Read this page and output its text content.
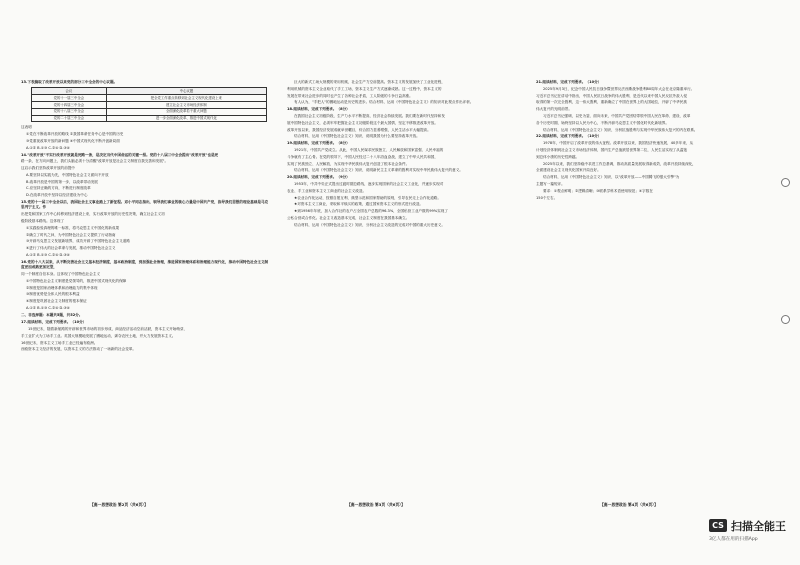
13.下表摘取了改革开放以来党的部分三中全会的中心议题。

会议	中心议题
党的十一届三中全会	把全党工作重点转移到社会主义现代化建设上来
党的十四届三中全会	建立社会主义市场经济体制
党的十八届三中全会	全面深化改革若干重大问题
党的二十届三中全会	进一步全面深化改革、推进中国式现代化

这表明

①党在不断改革开放的路线 ②我国革命任务中心是中国的历史

③党重视改革开放的新问题 ④中国式现代化不断开创新局面

A.①② B.①③ C.②④ D.③④

14."改革开放"不实行改革开放就是死路一条，是决定当代中国命运的关键一招。党的十八届三中全会提出"改革开放"也是死

路一条，在方向问题上，我们头脑必须十分清醒"改革开放是社会主义制度自我完善和发展"。

这启示我们坚持改革开放的前提中

A.要坚持以实践为先，中国特色社会主义面向不开放

B.改革开放是中国的第一步，以改革带动发展

C.应坚持正确的方向，不断进行制度改革

D.在改革开放中坚持以经济建设为中心

15.党的十一届三中全会以后，我国社会主义事业踏上了新征程。邓小平同志指出，领导我们事业的核心力量是中国共产党，指导我们思想的理论基础是马克思列宁主义。作

出把党和国家工作中心转移到经济建设上来，实行改革开放的历史性决策，确立社会主义初

级阶段基本路线。这体现了

①实践检验真理的唯一标准，将马克思主义中国化的新成果

②确立了时代之问，为中国特色社会主义提供了行动指南

③开辟马克思主义发展新境界，成功开辟了中国特色社会主义道路

④进行了伟大的社会革命与发展，推动中国特色社会主义

A.①② B.①③ C.②④ D.③④

16.党的十八大以来，从不断完善社会主义基本经济制度，基本政治制度，到加强社会治理，推进国家治理体系和治理能力现代化，推动中国特色社会主义制度更加成熟更加定型，

同一个制度自信本身。这体现了中国特色社会主义

①中国特色社会主义制度是党领导的，推进中国式现代化的保障

②制度是国家治理体系和治理能力的集中体现

③制度优势是全体人民的根本利益

④制度是巩固社会主义制度的根本保证

A.①② B.①③ C.②④ D.③④

二、非选择题：本题共5题，共52分。

17.阅读材料，完成下列要求。（10分）

15世纪末，随着新航路的开辟和世界市场的初步形成，商品经济活动空前活跃，资本主义开始萌芽，

手工业扩大为工场手工业。英国大规模地发展了圈地运动，剥夺农民土地，并大力发展资本主义。

16世纪末，资本主义工场手工业已经遍布欧洲。

西欧资本主义经济的发展，以资本主义的方法推动了一场新的社会变革。

巨大的新式工场大规模的采用机械，社会生产力空前提高。资本主义的发展加快了工业化进程，

利用机械的资本主义企业取代了手工工场，资本主义生产方式逐渐成熟。这一过程中，资本主义的

发展在带来社会进步的同时也产生了各种社会矛盾，工人阶级的斗争日益高涨。

有人认为，"手把人"的圈地运动是历史的进步。结合材料，运用《中国特色社会主义》的知识对此观点作出评析。

18.阅读材料，完成下列要求。（8分）

在我国社会主义初级阶段，生产力水平不断提高，经济社会持续发展。我们要在新时代坚持和发

展中国特色社会主义，必须牢牢把握社会主义初级阶段这个最大国情，坚定不移推进改革开放。

改革开放以来，我国经济发展成就举世瞩目，综合国力显著增强，人民生活水平大幅提高。

结合材料，运用《中国特色社会主义》知识，说明我国为什么要坚持改革开放。

19.阅读材料，完成下列要求。（8分）

1921年，中国共产党成立。从此，中国人民谋求民族独立、人民解放和国家富强、人民幸福的

斗争就有了主心骨。在党的领导下，中国人民经过二十八年浴血奋战，建立了中华人民共和国，

实现了民族独立、人民解放，为实现中华民族伟大复兴创造了根本社会条件。

结合材料，运用《中国特色社会主义》知识，说明新民主主义革命的胜利对实现中华民族伟大复兴的意义。

20.阅读材料，完成下列要求。（9分）

1953年，中共中央正式提出过渡时期总路线，逐步实现国家的社会主义工业化，并逐步实现对

农业、手工业和资本主义工商业的社会主义改造。

★农业合作化运动，按照自愿互利、典型示范和国家帮助的原则，引导农民走上合作化道路。

★对资本主义工商业，采取和平赎买的政策，通过国家资本主义的形式进行改造。

★到1956年年底，加入合作社的农户占全国农户总数的96.3%，全国私营工业户数的99%实现了

公私合营或合作化。社会主义改造基本完成，社会主义制度在我国基本确立。

结合材料，运用《中国特色社会主义》知识，分析社会主义改造的完成对中国的重大历史意义。

21.阅读材料，完成下列要求。（10分）

2025年9月3日，纪念中国人民抗日战争暨世界反法西斯战争胜利80周年大会在北京隆重举行。

习近平总书记在讲话中指出，中国人民抗日战争的伟大胜利，是近代以来中国人民反抗外敌入侵

取得的第一次完全胜利，这一伟大胜利，重新确立了中国在世界上的大国地位，开辟了中华民族

伟大复兴的光明前景。

习近平总书记强调，以史为鉴、面向未来，中国共产党团结带领中国人民在革命、建设、改革

各个历史时期，始终坚持以人民为中心，不断开辟马克思主义中国化时代化新境界。

结合材料，运用《中国特色社会主义》知识，分析抗战胜利与实现中华民族伟大复兴的内在联系。

22.阅读材料，完成下列要求。（10分）

1978年，中国开启了改革开放的伟大征程。改革开放以来，我国经济快速发展，40多年来，从

计划经济体制到社会主义市场经济体制，国内生产总值跃居世界第二位，人民生活实现了从温饱

到总体小康的历史性跨越。

2025年以来，我们坚持稳中求进工作总基调，推动高质量发展取得新成效，改革开放持续深化，

全面建设社会主义现代化国家开局良好。

结合材料，运用《中国特色社会主义》知识，以"改革开放——中国腾飞的强大引擎"为

主题写一篇短评。

要求：①观点鲜明；②逻辑清晰；③联系学科术语使用规范；④字数在

150个左右。

【高一思想政治 第2页（共6页）】	【高一思想政治 第3页（共6页）】	【高一思想政治 第4页（共6页）】
CS 扫描全能王
3亿人都在用的扫描App
